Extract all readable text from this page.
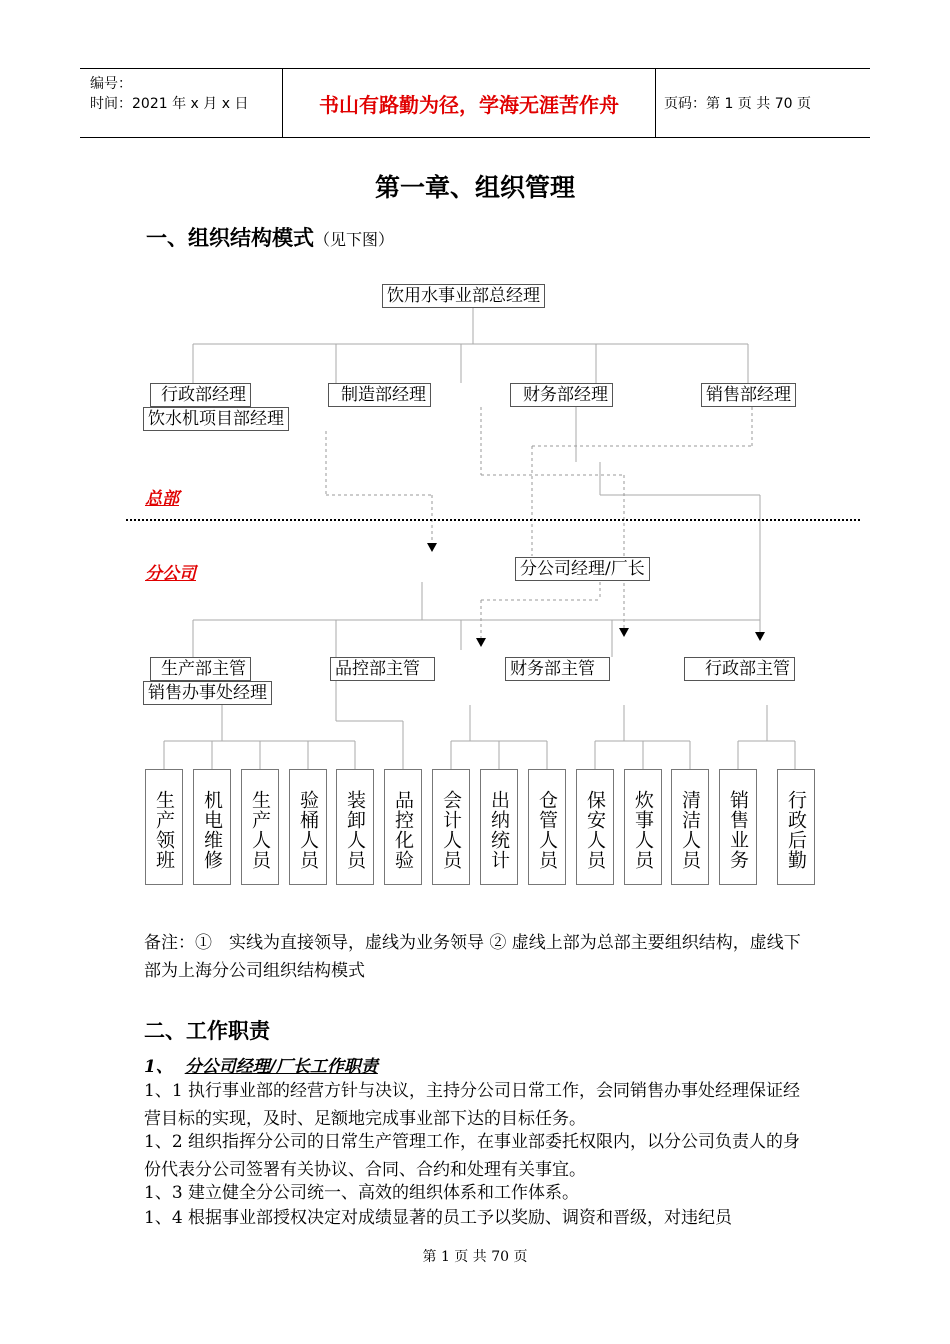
编号：
时间：2021 年 x 月 x 日	书山有路勤为径，学海无涯苦作舟	页码：第 1 页 共 70 页
第一章、组织管理
一、组织结构模式（见下图）
饮用水事业部总经理
行政部经理	制造部经理	财务部经理	销售部经理
饮水机项目部经理
总部
分公司	分公司经理/厂长
生产部主管	品控部主管	财务部主管	行政部主管
销售办事处经理
生产领班	机电维修	生产人员	验桶人员	装卸人员	品控化验	会计人员	出纳统计	仓管人员	保安人员	炊事人员	清洁人员	销售业务	行政后勤
备注：①　实线为直接领导，虚线为业务领导 ② 虚线上部为总部主要组织结构，虚线下部为上海分公司组织结构模式
二、工作职责
1、 分公司经理/厂长工作职责
1、1 执行事业部的经营方针与决议，主持分公司日常工作，会同销售办事处经理保证经营目标的实现，及时、足额地完成事业部下达的目标任务。
1、2 组织指挥分公司的日常生产管理工作，在事业部委托权限内，以分公司负责人的身份代表分公司签署有关协议、合同、合约和处理有关事宜。
1、3 建立健全分公司统一、高效的组织体系和工作体系。
1、4 根据事业部授权决定对成绩显著的员工予以奖励、调资和晋级，对违纪员
第 1 页 共 70 页
